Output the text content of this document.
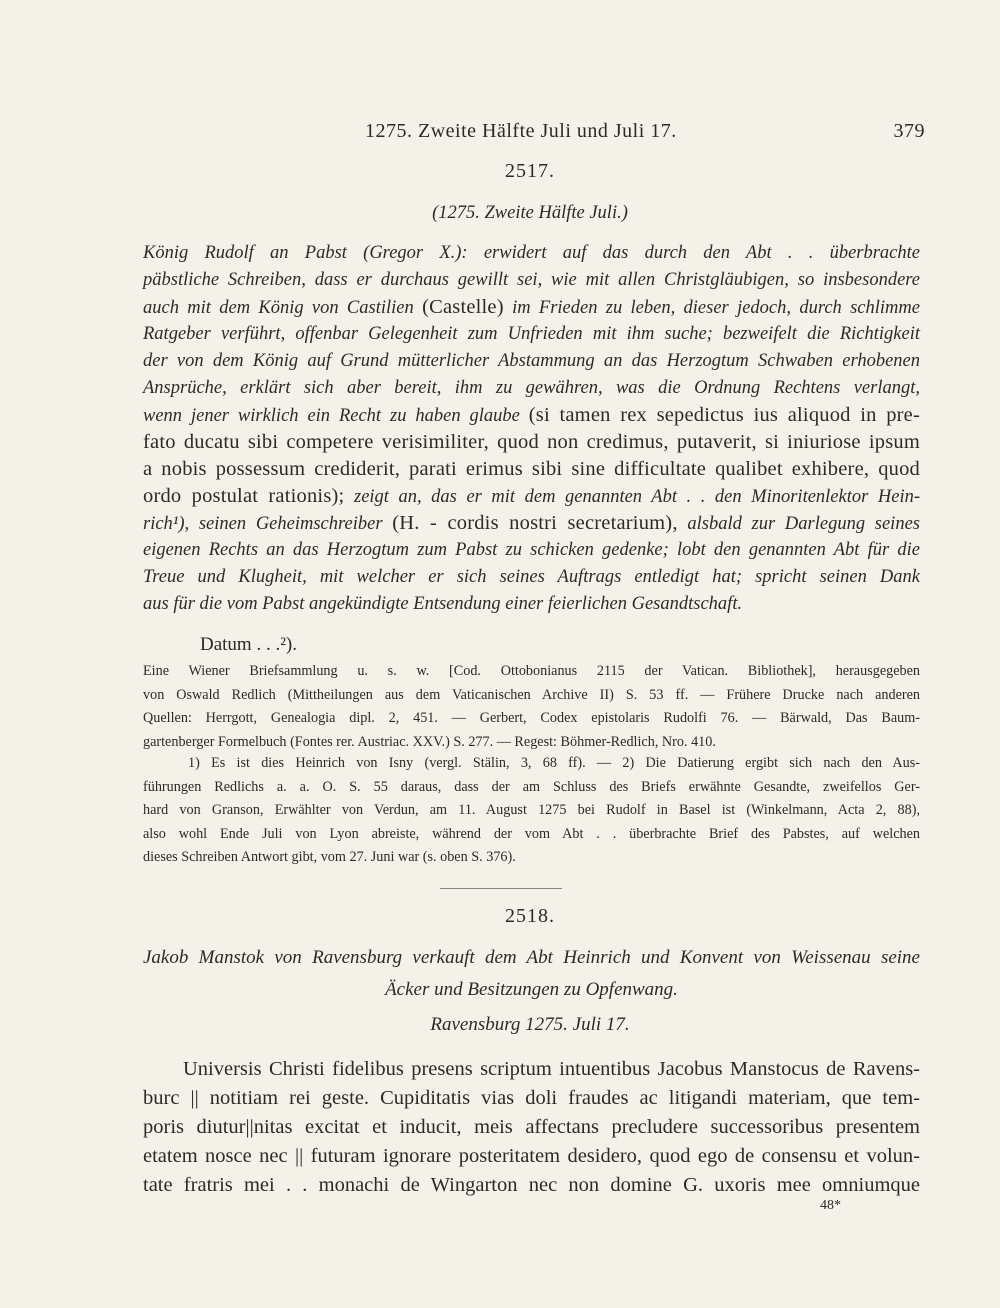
1275. Zweite Hälfte Juli und Juli 17.	379
2517.
(1275. Zweite Hälfte Juli.)
König Rudolf an Pabst (Gregor X.): erwidert auf das durch den Abt . . überbrachte
päbstliche Schreiben, dass er durchaus gewillt sei, wie mit allen Christgläubigen, so insbesondere
auch mit dem König von Castilien (Castelle) im Frieden zu leben, dieser jedoch, durch schlimme
Ratgeber verführt, offenbar Gelegenheit zum Unfrieden mit ihm suche; bezweifelt die Richtigkeit
der von dem König auf Grund mütterlicher Abstammung an das Herzogtum Schwaben erhobenen
Ansprüche, erklärt sich aber bereit, ihm zu gewähren, was die Ordnung Rechtens verlangt,
wenn jener wirklich ein Recht zu haben glaube (si tamen rex sepedictus ius aliquod in pre-
fato ducatu sibi competere verisimiliter, quod non credimus, putaverit, si iniuriose ipsum
a nobis possessum crediderit, parati erimus sibi sine difficultate qualibet exhibere, quod
ordo postulat rationis); zeigt an, das er mit dem genannten Abt . . den Minoritenlektor Hein-
rich¹), seinen Geheimschreiber (H. - cordis nostri secretarium), alsbald zur Darlegung seines
eigenen Rechts an das Herzogtum zum Pabst zu schicken gedenke; lobt den genannten Abt für die
Treue und Klugheit, mit welcher er sich seines Auftrags entledigt hat; spricht seinen Dank
aus für die vom Pabst angekündigte Entsendung einer feierlichen Gesandtschaft.
Datum . . .²).
Eine Wiener Briefsammlung u. s. w. [Cod. Ottobonianus 2115 der Vatican. Bibliothek], herausgegeben
von Oswald Redlich (Mittheilungen aus dem Vaticanischen Archive II) S. 53 ff. — Frühere Drucke nach anderen
Quellen: Herrgott, Genealogia dipl. 2, 451. — Gerbert, Codex epistolaris Rudolfi 76. — Bärwald, Das Baum-
gartenberger Formelbuch (Fontes rer. Austriac. XXV.) S. 277. — Regest: Böhmer-Redlich, Nro. 410.
1) Es ist dies Heinrich von Isny (vergl. Stälin, 3, 68 ff). — 2) Die Datierung ergibt sich nach den Aus-
führungen Redlichs a. a. O. S. 55 daraus, dass der am Schluss des Briefs erwähnte Gesandte, zweifellos Ger-
hard von Granson, Erwählter von Verdun, am 11. August 1275 bei Rudolf in Basel ist (Winkelmann, Acta 2, 88),
also wohl Ende Juli von Lyon abreiste, während der vom Abt . . überbrachte Brief des Pabstes, auf welchen
dieses Schreiben Antwort gibt, vom 27. Juni war (s. oben S. 376).
2518.
Jakob Manstok von Ravensburg verkauft dem Abt Heinrich und Konvent von Weissenau seine
Äcker und Besitzungen zu Opfenwang.
Ravensburg 1275. Juli 17.
Universis Christi fidelibus presens scriptum intuentibus Jacobus Manstocus de Ravens-
burc || notitiam rei geste. Cupiditatis vias doli fraudes ac litigandi materiam, que tem-
poris diutur||nitas excitat et inducit, meis affectans precludere successoribus presentem
etatem nosce nec || futuram ignorare posteritatem desidero, quod ego de consensu et volun-
tate fratris mei . . monachi de Wingarton nec non domine G. uxoris mee omniumque
48*
